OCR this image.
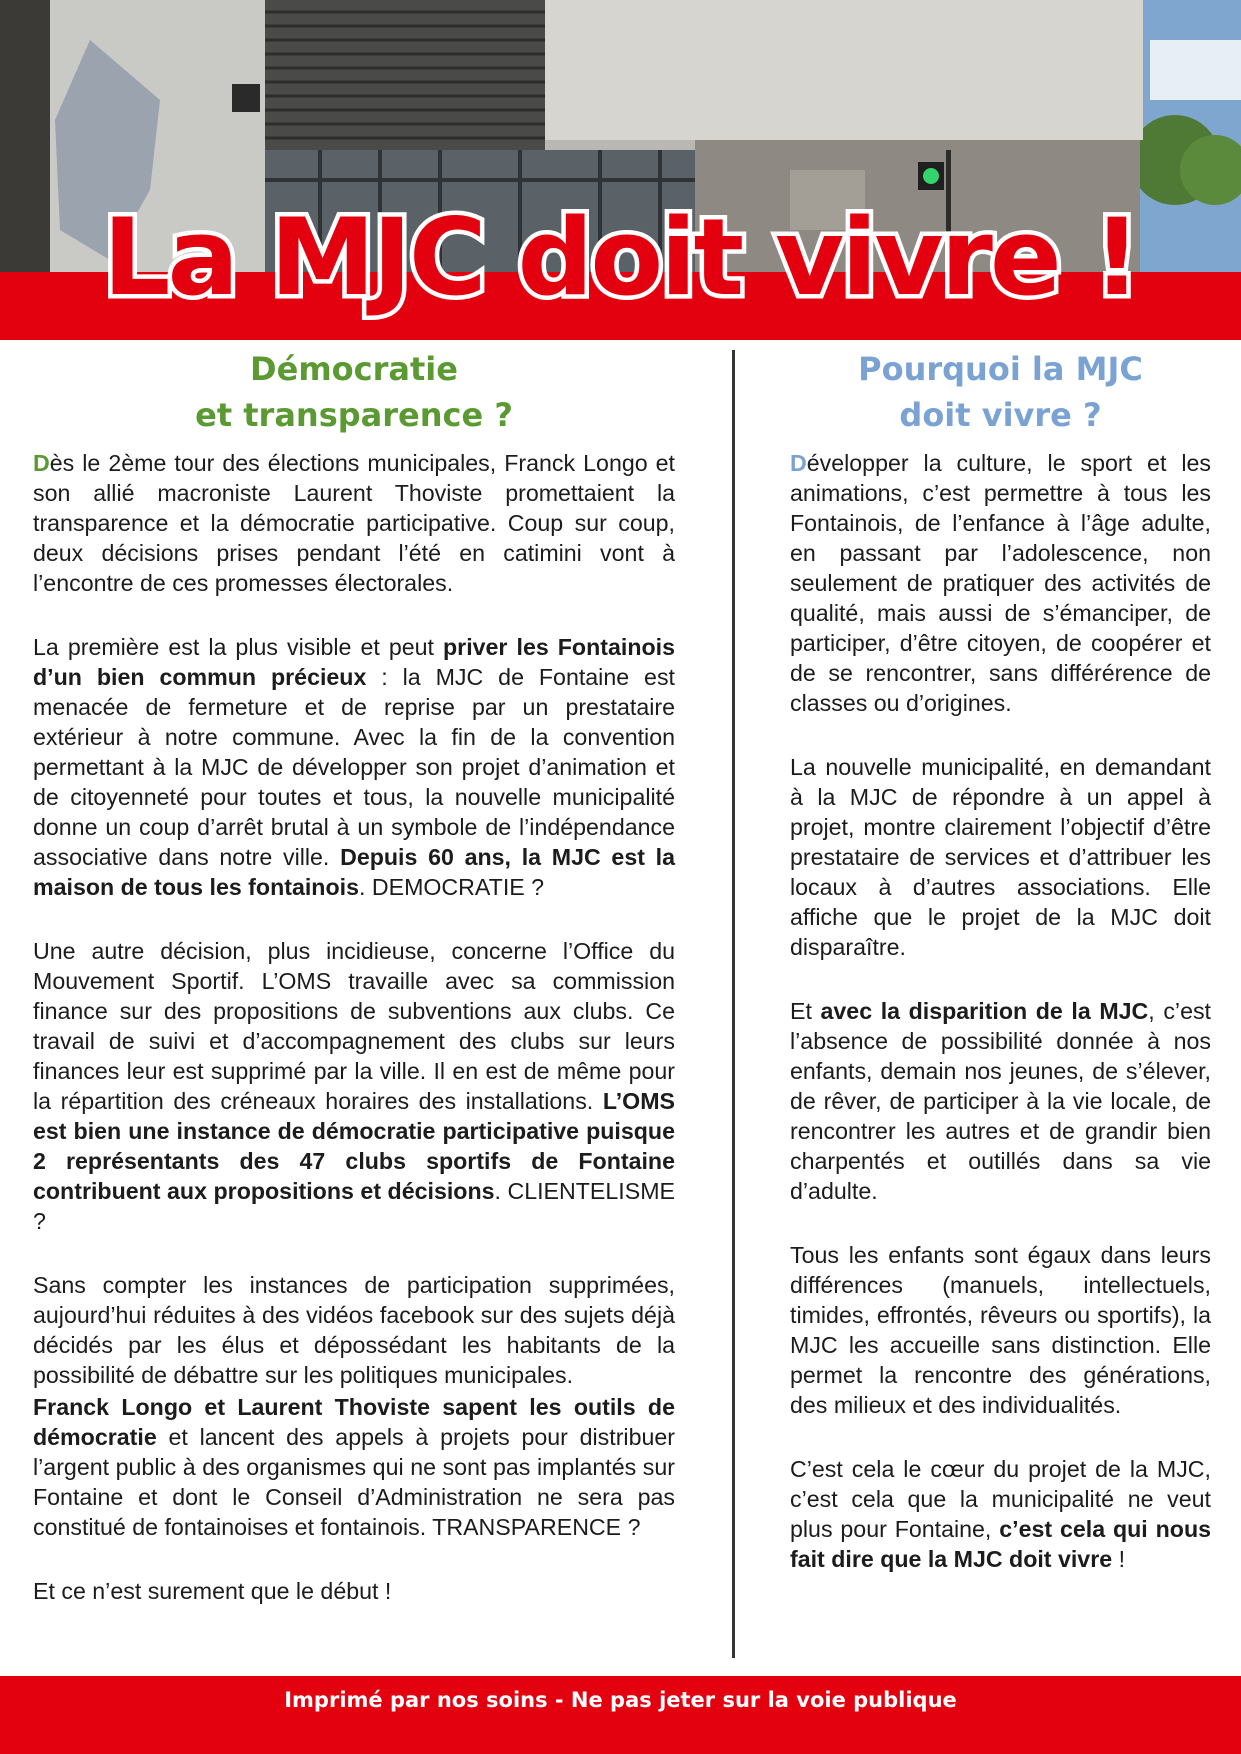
La MJC doit vivre !
Démocratie
et transparence ?

Dès le 2ème tour des élections municipales, Franck Longo et son allié macroniste Laurent Thoviste promettaient la transparence et la démocratie participative. Coup sur coup, deux décisions prises pendant l’été en catimini vont à l’encontre de ces promesses électorales.

La première est la plus visible et peut priver les Fontainois d’un bien commun précieux : la MJC de Fontaine est menacée de fermeture et de reprise par un prestataire extérieur à notre commune. Avec la fin de la convention permettant à la MJC de développer son projet d’animation et de citoyenneté pour toutes et tous, la nouvelle municipalité donne un coup d’arrêt brutal à un symbole de l’indépendance associative dans notre ville. Depuis 60 ans, la MJC est la maison de tous les fontainois. DEMOCRATIE ?

Une autre décision, plus incidieuse, concerne l’Office du Mouvement Sportif. L’OMS travaille avec sa commission finance sur des propositions de subventions aux clubs. Ce travail de suivi et d’accompagnement des clubs sur leurs finances leur est supprimé par la ville. Il en est de même pour la répartition des créneaux horaires des installations. L’OMS est bien une instance de démocratie participative puisque 2 représentants des 47 clubs sportifs de Fontaine contribuent aux propositions et décisions. CLIENTELISME ?

Sans compter les instances de participation supprimées, aujourd’hui réduites à des vidéos facebook sur des sujets déjà décidés par les élus et dépossédant les habitants de la possibilité de débattre sur les politiques municipales.

Franck Longo et Laurent Thoviste sapent les outils de démocratie et lancent des appels à projets pour distribuer l’argent public à des organismes qui ne sont pas implantés sur Fontaine et dont le Conseil d’Administration ne sera pas constitué de fontainoises et fontainois. TRANSPARENCE ?

Et ce n’est surement que le début !

Pourquoi la MJC
doit vivre ?

Développer la culture, le sport et les animations, c’est permettre à tous les Fontainois, de l’enfance à l’âge adulte, en passant par l’adolescence, non seulement de pratiquer des activités de qualité, mais aussi de s’émanciper, de participer, d’être citoyen, de coopérer et de se rencontrer, sans différérence de classes ou d’origines.

La nouvelle municipalité, en demandant à la MJC de répondre à un appel à projet, montre clairement l’objectif d’être prestataire de services et d’attribuer les locaux à d’autres associations. Elle affiche que le projet de la MJC doit disparaître.

Et avec la disparition de la MJC, c’est l’absence de possibilité donnée à nos enfants, demain nos jeunes, de s’élever, de rêver, de participer à la vie locale, de rencontrer les autres et de grandir bien charpentés et outillés dans sa vie d’adulte.

Tous les enfants sont égaux dans leurs différences (manuels, intellectuels, timides, effrontés, rêveurs ou sportifs), la MJC les accueille sans distinction. Elle permet la rencontre des générations, des milieux et des individualités.

C’est cela le cœur du projet de la MJC, c’est cela que la municipalité ne veut plus pour Fontaine, c’est cela qui nous fait dire que la MJC doit vivre !

Imprimé par nos soins - Ne pas jeter sur la voie publique
